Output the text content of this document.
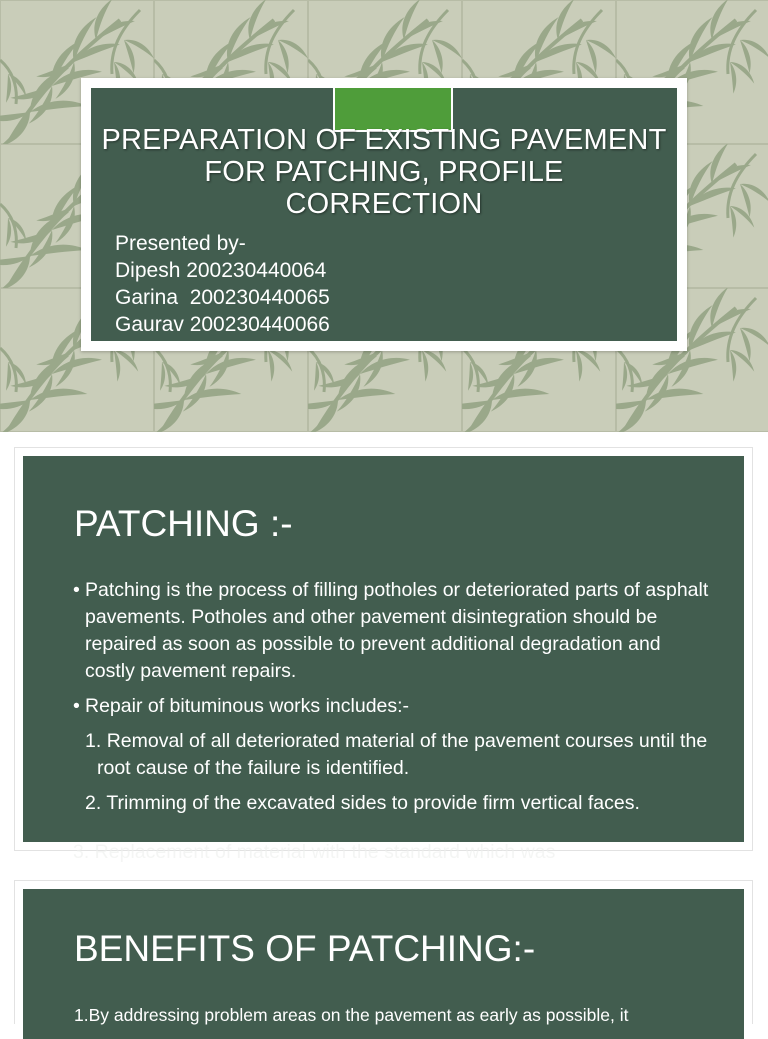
PREPARATION OF EXISTING PAVEMENT
FOR PATCHING, PROFILE
CORRECTION
Presented by-
Dipesh 200230440064
Garina  200230440065
Gaurav 200230440066
PATCHING :-
• Patching is the process of filling potholes or deteriorated parts of asphalt pavements. Potholes and other pavement disintegration should be repaired as soon as possible to prevent additional degradation and costly pavement repairs.
• Repair of bituminous works includes:-
1. Removal of all deteriorated material of the pavement courses until the root cause of the failure is identified.
2. Trimming of the excavated sides to provide firm vertical faces.
3. Replacement of material with the standard which was
BENEFITS OF PATCHING:-
1.By addressing problem areas on the pavement as early as possible, it
